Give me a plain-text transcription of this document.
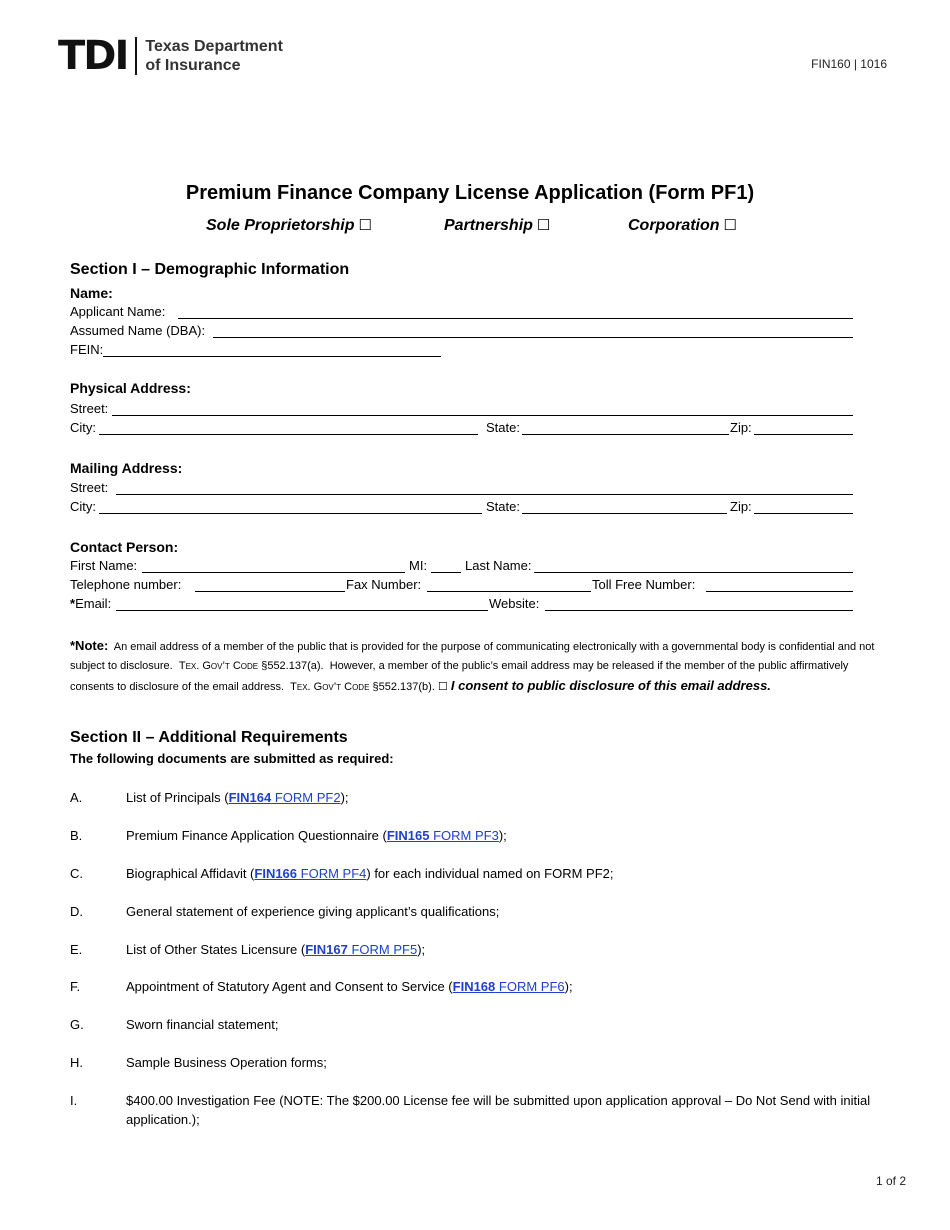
TDI Texas Department
of Insurance	FIN160 | 1016
Premium Finance Company License Application (Form PF1)
Sole Proprietorship ☐	Partnership ☐	Corporation ☐
Section I – Demographic Information
Name:
Applicant Name:
Assumed Name (DBA):
FEIN:
Physical Address:
Street:
City:	State:	Zip:
Mailing Address:
Street:
City:	State:	Zip:
Contact Person:
First Name:	MI:	Last Name:
Telephone number:	Fax Number:	Toll Free Number:
*Email:	Website:
*Note: An email address of a member of the public that is provided for the purpose of communicating electronically with a governmental body is confidential and not subject to disclosure. Tex. Gov’t Code §552.137(a). However, a member of the public’s email address may be released if the member of the public affirmatively consents to disclosure of the email address. Tex. Gov’t Code §552.137(b). ☐ I consent to public disclosure of this email address.
Section II – Additional Requirements
The following documents are submitted as required:
A.	List of Principals (FIN164 FORM PF2);
B.	Premium Finance Application Questionnaire (FIN165 FORM PF3);
C.	Biographical Affidavit (FIN166 FORM PF4) for each individual named on FORM PF2;
D.	General statement of experience giving applicant’s qualifications;
E.	List of Other States Licensure (FIN167 FORM PF5);
F.	Appointment of Statutory Agent and Consent to Service (FIN168 FORM PF6);
G.	Sworn financial statement;
H.	Sample Business Operation forms;
I.	$400.00 Investigation Fee (NOTE: The $200.00 License fee will be submitted upon application approval – Do Not Send with initial application.);
1 of 2
